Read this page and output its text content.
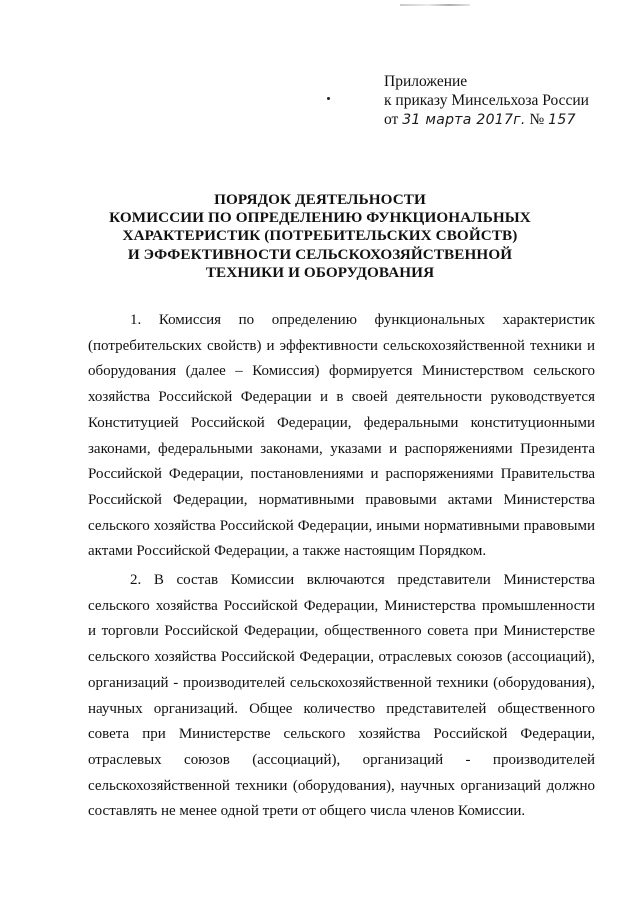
Приложение
к приказу Минсельхоза России
от 31 марта 2017г. № 157
ПОРЯДОК ДЕЯТЕЛЬНОСТИ
КОМИССИИ ПО ОПРЕДЕЛЕНИЮ ФУНКЦИОНАЛЬНЫХ
ХАРАКТЕРИСТИК (ПОТРЕБИТЕЛЬСКИХ СВОЙСТВ)
И ЭФФЕКТИВНОСТИ СЕЛЬСКОХОЗЯЙСТВЕННОЙ
ТЕХНИКИ И ОБОРУДОВАНИЯ

1. Комиссия по определению функциональных характеристик (потребительских свойств) и эффективности сельскохозяйственной техники и оборудования (далее – Комиссия) формируется Министерством сельского хозяйства Российской Федерации и в своей деятельности руководствуется Конституцией Российской Федерации, федеральными конституционными законами, федеральными законами, указами и распоряжениями Президента Российской Федерации, постановлениями и распоряжениями Правительства Российской Федерации, нормативными правовыми актами Министерства сельского хозяйства Российской Федерации, иными нормативными правовыми актами Российской Федерации, а также настоящим Порядком.

2. В состав Комиссии включаются представители Министерства сельского хозяйства Российской Федерации, Министерства промышленности и торговли Российской Федерации, общественного совета при Министерстве сельского хозяйства Российской Федерации, отраслевых союзов (ассоциаций), организаций - производителей сельскохозяйственной техники (оборудования), научных организаций. Общее количество представителей общественного совета при Министерстве сельского хозяйства Российской Федерации, отраслевых союзов (ассоциаций), организаций - производителей сельскохозяйственной техники (оборудования), научных организаций должно составлять не менее одной трети от общего числа членов Комиссии.
